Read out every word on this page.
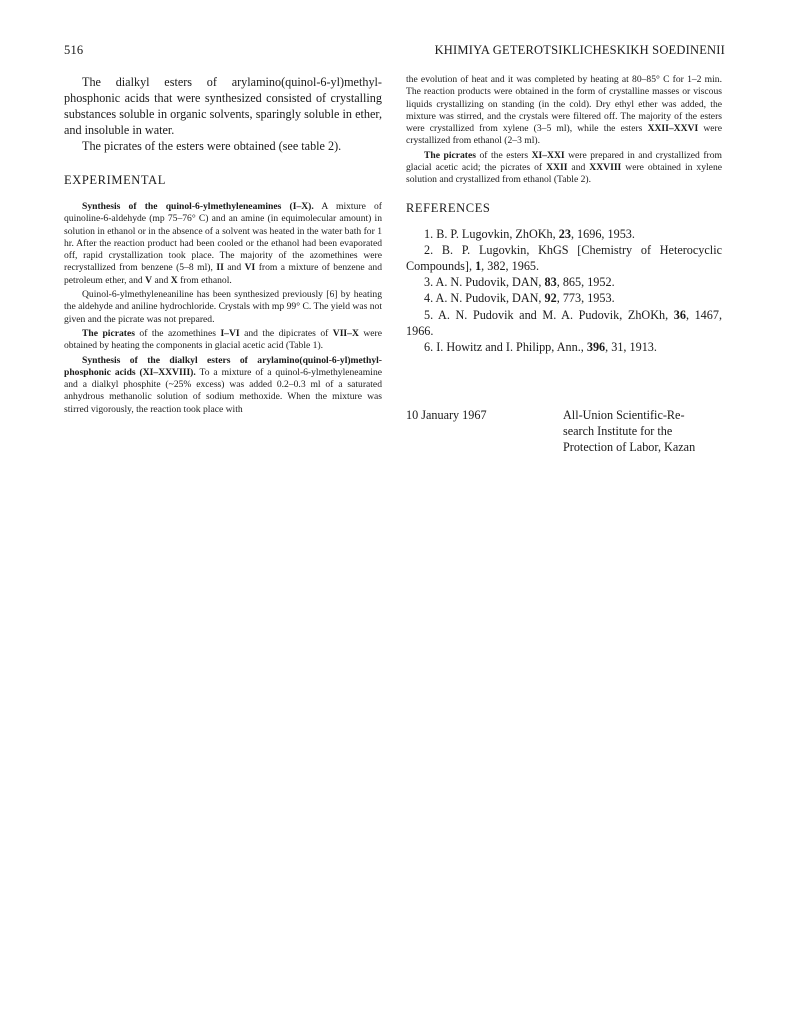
516	KHIMIYA GETEROTSIKLICHESKIKH SOEDINENII

The dialkyl esters of arylamino(quinol-6-yl)methyl-phosphonic acids that were synthesized consisted of crystalling substances soluble in organic solvents, sparingly soluble in ether, and insoluble in water.

The picrates of the esters were obtained (see table 2).

EXPERIMENTAL

Synthesis of the quinol-6-ylmethyleneamines (I–X). A mixture of quinoline-6-aldehyde (mp 75–76° C) and an amine (in equimolecular amount) in solution in ethanol or in the absence of a solvent was heated in the water bath for 1 hr. After the reaction product had been cooled or the ethanol had been evaporated off, rapid crystallization took place. The majority of the azomethines were recrystallized from benzene (5–8 ml), II and VI from a mixture of benzene and petroleum ether, and V and X from ethanol.

Quinol-6-ylmethyleneaniline has been synthesized previously [6] by heating the aldehyde and aniline hydrochloride. Crystals with mp 99° C. The yield was not given and the picrate was not prepared.

The picrates of the azomethines I–VI and the dipicrates of VII–X were obtained by heating the components in glacial acetic acid (Table 1).

Synthesis of the dialkyl esters of arylamino(quinol-6-yl)methyl-phosphonic acids (XI–XXVIII). To a mixture of a quinol-6-ylmethyleneamine and a dialkyl phosphite (~25% excess) was added 0.2–0.3 ml of a saturated anhydrous methanolic solution of sodium methoxide. When the mixture was stirred vigorously, the reaction took place with

the evolution of heat and it was completed by heating at 80–85° C for 1–2 min. The reaction products were obtained in the form of crystalline masses or viscous liquids crystallizing on standing (in the cold). Dry ethyl ether was added, the mixture was stirred, and the crystals were filtered off. The majority of the esters were crystallized from xylene (3–5 ml), while the esters XXII–XXVI were crystallized from ethanol (2–3 ml).

The picrates of the esters XI–XXI were prepared in and crystallized from glacial acetic acid; the picrates of XXII and XXVIII were obtained in xylene solution and crystallized from ethanol (Table 2).

REFERENCES
1. B. P. Lugovkin, ZhOKh, 23, 1696, 1953.
2. B. P. Lugovkin, KhGS [Chemistry of Heterocyclic Compounds], 1, 382, 1965.
3. A. N. Pudovik, DAN, 83, 865, 1952.
4. A. N. Pudovik, DAN, 92, 773, 1953.
5. A. N. Pudovik and M. A. Pudovik, ZhOKh, 36, 1467, 1966.
6. I. Howitz and I. Philipp, Ann., 396, 31, 1913.
10 January 1967	All-Union Scientific-Re-
search Institute for the
Protection of Labor, Kazan
